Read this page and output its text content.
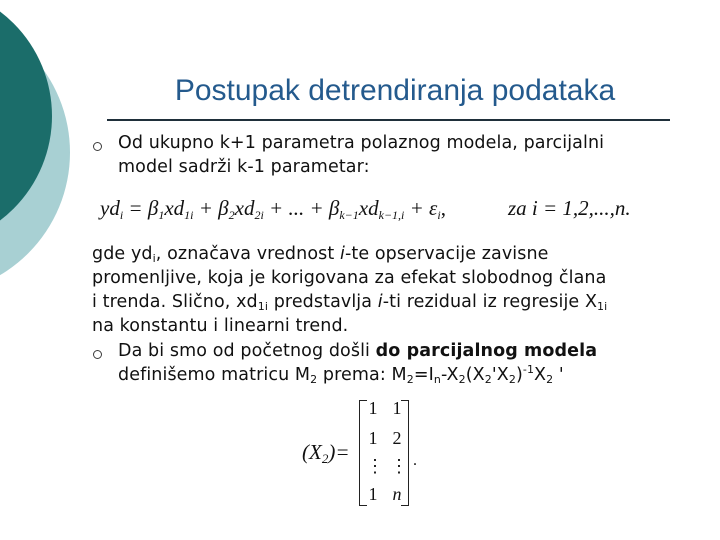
Postupak detrendiranja podataka
Od ukupno k+1 parametra polaznog modela, parcijalni
model sadrži k-1 parametar:
$yd_i = \beta_1xd_{1i} + \beta_2xd_{2i}$ + ... + $\beta_{k-1}xd_{k-1,i} + \varepsilon_i$,	za i = 1,2,...,n.
gde $yd_i$, označava vrednost i-te opservacije zavisne
promenljive, koja je korigovana za efekat slobodnog člana
i trenda. Slično, $xd_{1i}$ predstavlja i-ti rezidual iz regresije $X_{1i}$
na konstantu i linearni trend.
Da bi smo od početnog došli do parcijalnog modela
definišemo matricu $M_2$ prema: $M_2=I_n-X_2(X_2'X_2)^{-1}X_2$ '
$(X_2)=$
1 1
1 2
⋮ ⋮
1 n
.
